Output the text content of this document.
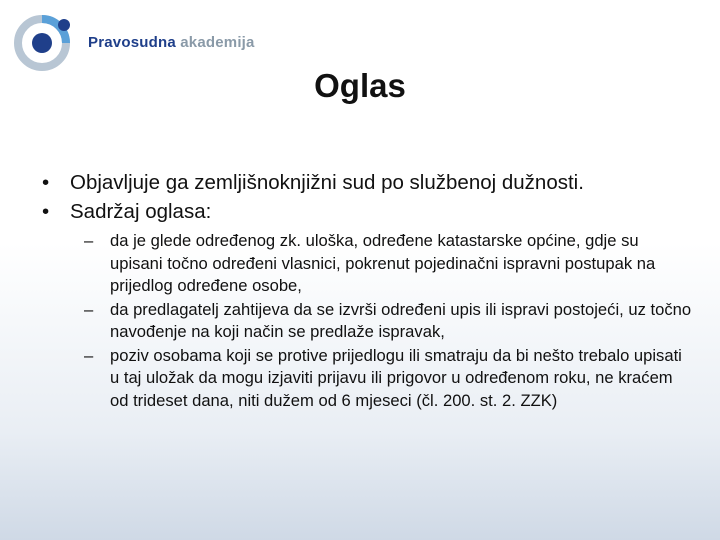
Pravosudna akademija
Oglas
• Objavljuje ga zemljišnoknjižni sud po službenoj dužnosti.
• Sadržaj oglasa:
– da je glede određenog zk. uloška, određene katastarske općine, gdje su upisani točno određeni vlasnici, pokrenut pojedinačni ispravni postupak na prijedlog određene osobe,
– da predlagatelj zahtijeva da se izvrši određeni upis ili ispravi postojeći, uz točno navođenje na koji način se predlaže ispravak,
– poziv osobama koji se protive prijedlogu ili smatraju da bi nešto trebalo upisati u taj uložak da mogu izjaviti prijavu ili prigovor u određenom roku, ne kraćem od trideset dana, niti dužem od 6 mjeseci (čl. 200. st. 2. ZZK)
